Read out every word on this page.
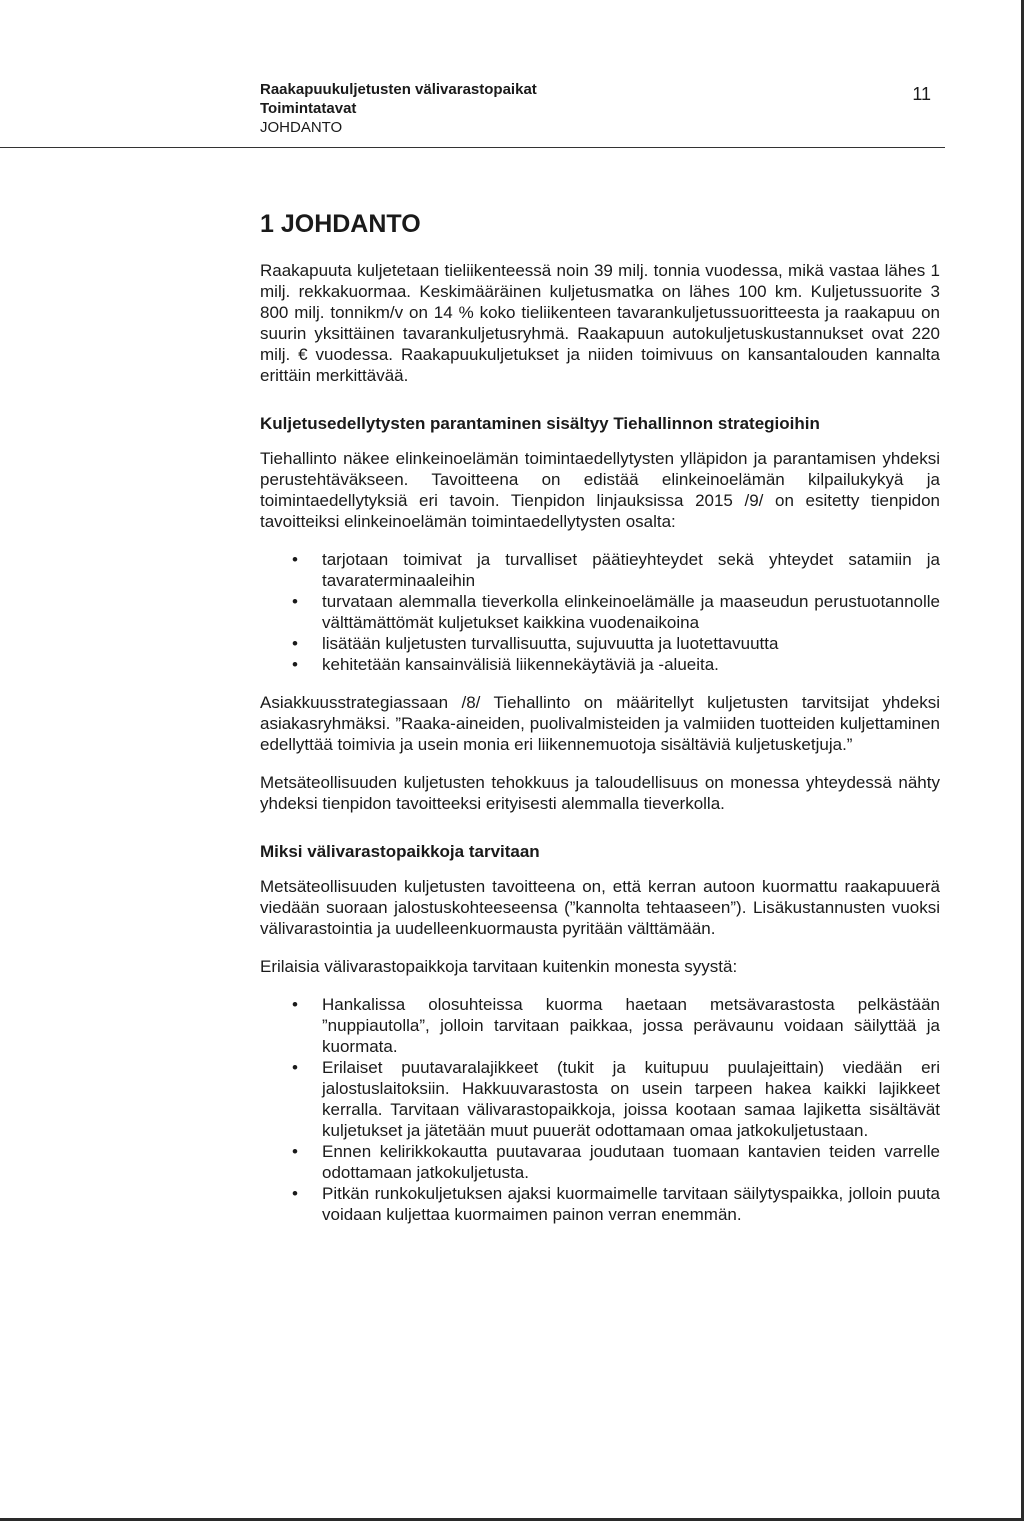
Raakapuukuljetusten välivarastopaikat
Toimintatavat
JOHDANTO
11
1 JOHDANTO

Raakapuuta kuljetetaan tieliikenteessä noin 39 milj. tonnia vuodessa, mikä vastaa lähes 1 milj. rekkakuormaa. Keskimääräinen kuljetusmatka on lähes 100 km. Kuljetussuorite 3 800 milj. tonnikm/v on 14 % koko tieliikenteen tavarankuljetussuoritteesta ja raakapuu on suurin yksittäinen tavarankuljetusryhmä. Raakapuun autokuljetuskustannukset ovat 220 milj. € vuodessa. Raakapuukuljetukset ja niiden toimivuus on kansantalouden kannalta erittäin merkittävää.

Kuljetusedellytysten parantaminen sisältyy Tiehallinnon strategioihin

Tiehallinto näkee elinkeinoelämän toimintaedellytysten ylläpidon ja parantamisen yhdeksi perustehtäväkseen. Tavoitteena on edistää elinkeinoelämän kilpailukykyä ja toimintaedellytyksiä eri tavoin. Tienpidon linjauksissa 2015 /9/ on esitetty tienpidon tavoitteiksi elinkeinoelämän toimintaedellytysten osalta:

• tarjotaan toimivat ja turvalliset päätieyhteydet sekä yhteydet satamiin ja tavaraterminaaleihin
• turvataan alemmalla tieverkolla elinkeinoelämälle ja maaseudun perustuotannolle välttämättömät kuljetukset kaikkina vuodenaikoina
• lisätään kuljetusten turvallisuutta, sujuvuutta ja luotettavuutta
• kehitetään kansainvälisiä liikennekäytäviä ja -alueita.

Asiakkuusstrategiassaan /8/ Tiehallinto on määritellyt kuljetusten tarvitsijat yhdeksi asiakasryhmäksi. ”Raaka-aineiden, puolivalmisteiden ja valmiiden tuotteiden kuljettaminen edellyttää toimivia ja usein monia eri liikennemuotoja sisältäviä kuljetusketjuja.”

Metsäteollisuuden kuljetusten tehokkuus ja taloudellisuus on monessa yhteydessä nähty yhdeksi tienpidon tavoitteeksi erityisesti alemmalla tieverkolla.

Miksi välivarastopaikkoja tarvitaan

Metsäteollisuuden kuljetusten tavoitteena on, että kerran autoon kuormattu raakapuuerä viedään suoraan jalostuskohteeseensa (”kannolta tehtaaseen”). Lisäkustannusten vuoksi välivarastointia ja uudelleenkuormausta pyritään välttämään.

Erilaisia välivarastopaikkoja tarvitaan kuitenkin monesta syystä:

• Hankalissa olosuhteissa kuorma haetaan metsävarastosta pelkästään ”nuppiautolla”, jolloin tarvitaan paikkaa, jossa perävaunu voidaan säilyttää ja kuormata.
• Erilaiset puutavaralajikkeet (tukit ja kuitupuu puulajeittain) viedään eri jalostuslaitoksiin. Hakkuuvarastosta on usein tarpeen hakea kaikki lajikkeet kerralla. Tarvitaan välivarastopaikkoja, joissa kootaan samaa lajiketta sisältävät kuljetukset ja jätetään muut puuerät odottamaan omaa jatkokuljetustaan.
• Ennen kelirikkokautta puutavaraa joudutaan tuomaan kantavien teiden varrelle odottamaan jatkokuljetusta.
• Pitkän runkokuljetuksen ajaksi kuormaimelle tarvitaan säilytyspaikka, jolloin puuta voidaan kuljettaa kuormaimen painon verran enemmän.
